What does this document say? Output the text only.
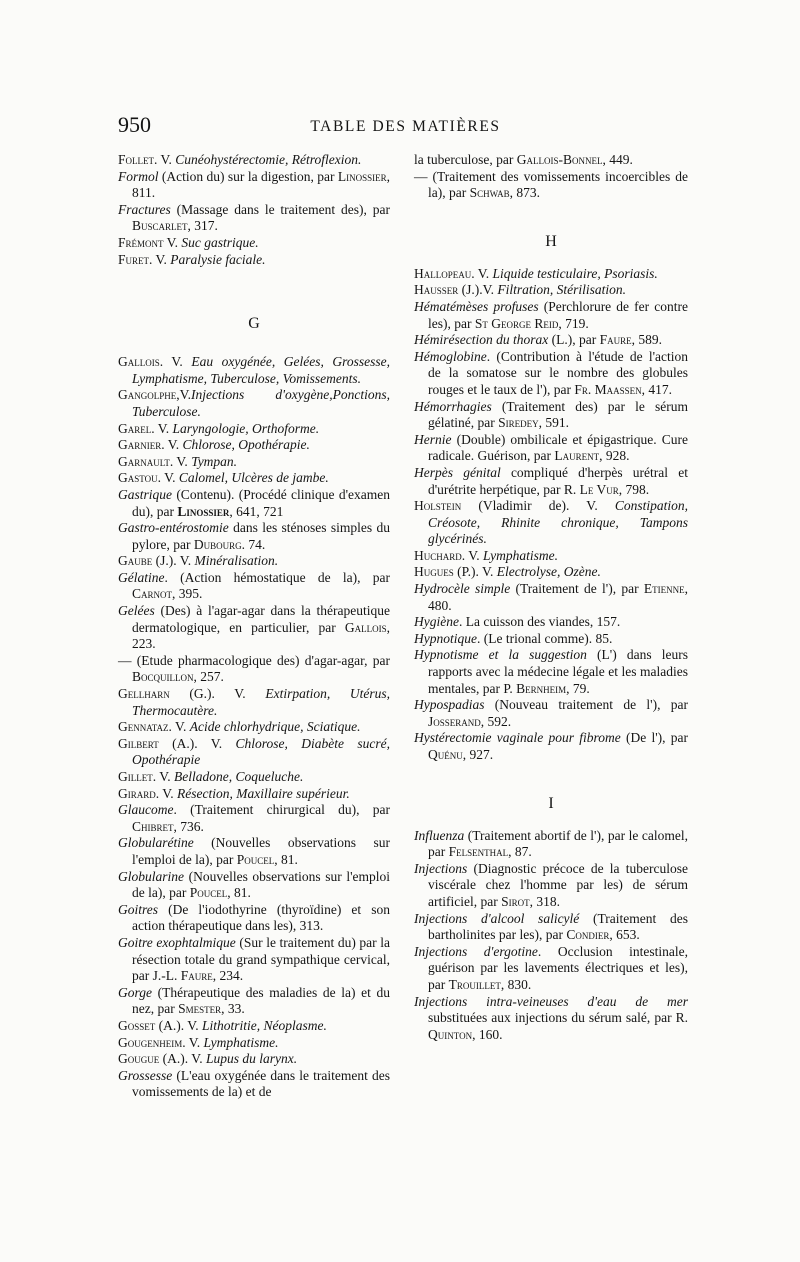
950	TABLE DES MATIÈRES

Follet. V. Cunéohystérectomie, Rétroflexion.

Formol (Action du) sur la digestion, par Linossier, 811.

Fractures (Massage dans le traitement des), par Buscarlet, 317.

Frémont V. Suc gastrique.

Furet. V. Paralysie faciale.

G

Gallois. V. Eau oxygénée, Gelées, Grossesse, Lymphatisme, Tuberculose, Vomissements.

Gangolphe,V.Injections d'oxygène,Ponctions, Tuberculose.

Garel. V. Laryngologie, Orthoforme.

Garnier. V. Chlorose, Opothérapie.

Garnault. V. Tympan.

Gastou. V. Calomel, Ulcères de jambe.

Gastrique (Contenu). (Procédé clinique d'examen du), par Linossier, 641, 721

Gastro-entérostomie dans les sténoses simples du pylore, par Dubourg. 74.

Gaube (J.). V. Minéralisation.

Gélatine. (Action hémostatique de la), par Carnot, 395.

Gelées (Des) à l'agar-agar dans la thérapeutique dermatologique, en particulier, par Gallois, 223.

— (Etude pharmacologique des) d'agar-agar, par Bocquillon, 257.

Gellharn (G.). V. Extirpation, Utérus, Thermocautère.

Gennataz. V. Acide chlorhydrique, Sciatique.

Gilbert (A.). V. Chlorose, Diabète sucré, Opothérapie

Gillet. V. Belladone, Coqueluche.

Girard. V. Résection, Maxillaire supérieur.

Glaucome. (Traitement chirurgical du), par Chibret, 736.

Globularétine (Nouvelles observations sur l'emploi de la), par Poucel, 81.

Globularine (Nouvelles observations sur l'emploi de la), par Poucel, 81.

Goitres (De l'iodothyrine (thyroïdine) et son action thérapeutique dans les), 313.

Goitre exophtalmique (Sur le traitement du) par la résection totale du grand sympathique cervical, par J.-L. Faure, 234.

Gorge (Thérapeutique des maladies de la) et du nez, par Smester, 33.

Gosset (A.). V. Lithotritie, Néoplasme.

Gougenheim. V. Lymphatisme.

Gougue (A.). V. Lupus du larynx.

Grossesse (L'eau oxygénée dans le traitement des vomissements de la) et de

la tuberculose, par Gallois-Bonnel, 449.

— (Traitement des vomissements incoercibles de la), par Schwab, 873.

H

Hallopeau. V. Liquide testiculaire, Psoriasis.

Hausser (J.).V. Filtration, Stérilisation.

Hématémèses profuses (Perchlorure de fer contre les), par St George Reid, 719.

Hémirésection du thorax (L.), par Faure, 589.

Hémoglobine. (Contribution à l'étude de l'action de la somatose sur le nombre des globules rouges et le taux de l'), par Fr. Maassen, 417.

Hémorrhagies (Traitement des) par le sérum gélatiné, par Siredey, 591.

Hernie (Double) ombilicale et épigastrique. Cure radicale. Guérison, par Laurent, 928.

Herpès génital compliqué d'herpès urétral et d'urétrite herpétique, par R. Le Vur, 798.

Holstein (Vladimir de). V. Constipation, Créosote, Rhinite chronique, Tampons glycérinés.

Huchard. V. Lymphatisme.

Hugues (P.). V. Electrolyse, Ozène.

Hydrocèle simple (Traitement de l'), par Etienne, 480.

Hygiène. La cuisson des viandes, 157.

Hypnotique. (Le trional comme). 85.

Hypnotisme et la suggestion (L') dans leurs rapports avec la médecine légale et les maladies mentales, par P. Bernheim, 79.

Hypospadias (Nouveau traitement de l'), par Josserand, 592.

Hystérectomie vaginale pour fibrome (De l'), par Quénu, 927.

I

Influenza (Traitement abortif de l'), par le calomel, par Felsenthal, 87.

Injections (Diagnostic précoce de la tuberculose viscérale chez l'homme par les) de sérum artificiel, par Sirot, 318.

Injections d'alcool salicylé (Traitement des bartholinites par les), par Condier, 653.

Injections d'ergotine. Occlusion intestinale, guérison par les lavements électriques et les), par Trouillet, 830.

Injections intra-veineuses d'eau de mer substituées aux injections du sérum salé, par R. Quinton, 160.
